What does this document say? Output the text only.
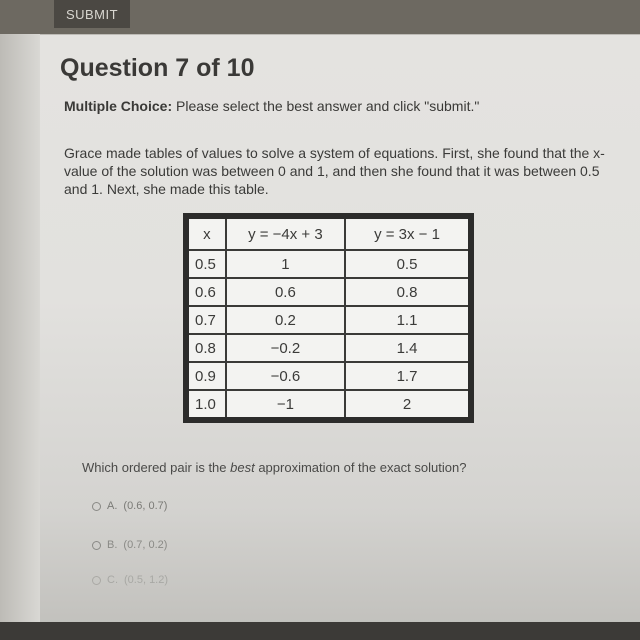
SUBMIT
Question 7 of 10
Multiple Choice: Please select the best answer and click "submit."
Grace made tables of values to solve a system of equations. First, she found that the x-value of the solution was between 0 and 1, and then she found that it was between 0.5 and 1. Next, she made this table.
x	y = −4x + 3	y = 3x − 1
0.5	1	0.5
0.6	0.6	0.8
0.7	0.2	1.1
0.8	−0.2	1.4
0.9	−0.6	1.7
1.0	−1	2
Which ordered pair is the best approximation of the exact solution?
A. (0.6, 0.7)
B. (0.7, 0.2)
C. (0.5, 1.2)
